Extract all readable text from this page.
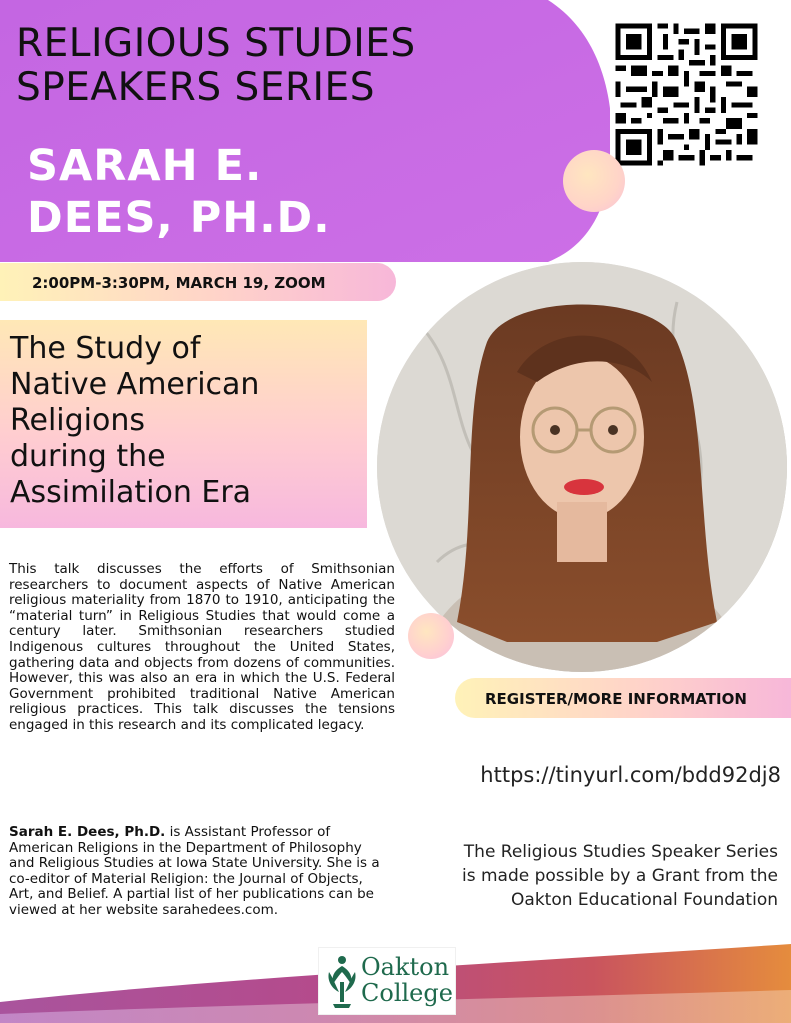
RELIGIOUS STUDIES
SPEAKERS SERIES
SARAH E.
DEES, PH.D.
2:00PM-3:30PM, MARCH 19, ZOOM
The Study of
Native American
Religions
during the
Assimilation Era
REGISTER/MORE INFORMATION
https://tinyurl.com/bdd92dj8
This talk discusses the efforts of Smithsonian researchers to document aspects of Native American religious materiality from 1870 to 1910, anticipating the “material turn” in Religious Studies that would come a century later. Smithsonian researchers studied Indigenous cultures throughout the United States, gathering data and objects from dozens of communities. However, this was also an era in which the U.S. Federal Government prohibited traditional Native American religious practices. This talk discusses the tensions engaged in this research and its complicated legacy.
Sarah E. Dees, Ph.D. is Assistant Professor of American Religions in the Department of Philosophy and Religious Studies at Iowa State University. She is a co-editor of Material Religion: the Journal of Objects, Art, and Belief. A partial list of her publications can be viewed at her website sarahedees.com.
The Religious Studies Speaker Series
is made possible by a Grant from the
Oakton Educational Foundation
Oakton
College
